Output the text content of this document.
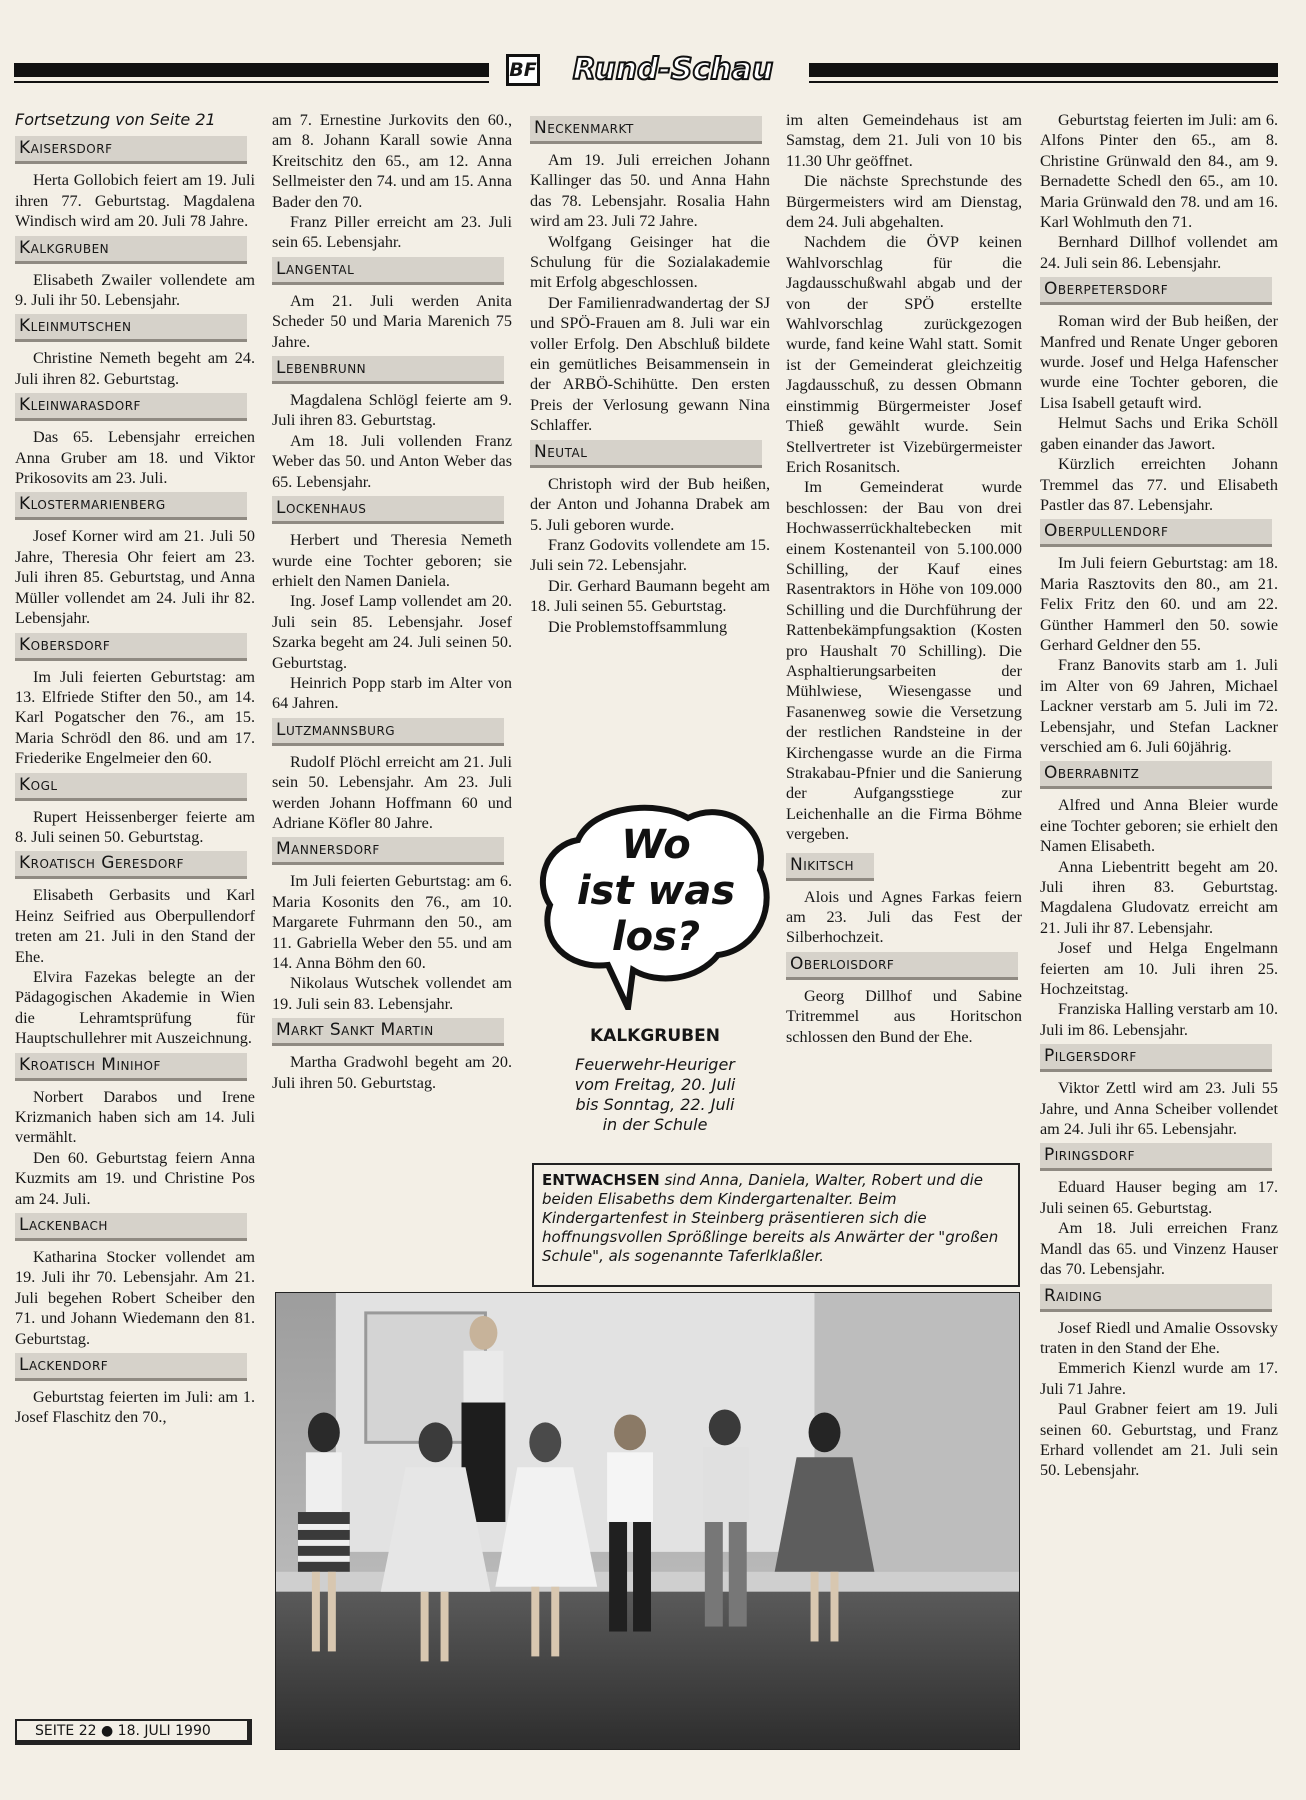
BF	Rund-Schau
Fortsetzung von Seite 21
Kaisersdorf

Herta Gollobich feiert am 19. Juli ihren 77. Geburtstag. Magdalena Windisch wird am 20. Juli 78 Jahre.

Kalkgruben

Elisabeth Zwailer vollendete am 9. Juli ihr 50. Lebensjahr.

Kleinmutschen

Christine Nemeth begeht am 24. Juli ihren 82. Geburtstag.

Kleinwarasdorf

Das 65. Lebensjahr erreichen Anna Gruber am 18. und Viktor Prikosovits am 23. Juli.

Klostermarienberg

Josef Korner wird am 21. Juli 50 Jahre, Theresia Ohr feiert am 23. Juli ihren 85. Geburtstag, und Anna Müller vollendet am 24. Juli ihr 82. Lebensjahr.

Kobersdorf

Im Juli feierten Geburtstag: am 13. Elfriede Stifter den 50., am 14. Karl Pogatscher den 76., am 15. Maria Schrödl den 86. und am 17. Friederike Engelmeier den 60.

Kogl

Rupert Heissenberger feierte am 8. Juli seinen 50. Geburtstag.

Kroatisch Geresdorf

Elisabeth Gerbasits und Karl Heinz Seifried aus Oberpullendorf treten am 21. Juli in den Stand der Ehe.

Elvira Fazekas belegte an der Pädagogischen Akademie in Wien die Lehramtsprüfung für Hauptschullehrer mit Auszeichnung.

Kroatisch Minihof

Norbert Darabos und Irene Krizmanich haben sich am 14. Juli vermählt.

Den 60. Geburtstag feiern Anna Kuzmits am 19. und Christine Pos am 24. Juli.

Lackenbach

Katharina Stocker vollendet am 19. Juli ihr 70. Lebensjahr. Am 21. Juli begehen Robert Scheiber den 71. und Johann Wiedemann den 81. Geburtstag.

Lackendorf

Geburtstag feierten im Juli: am 1. Josef Flaschitz den 70.,

am 7. Ernestine Jurkovits den 60., am 8. Johann Karall sowie Anna Kreitschitz den 65., am 12. Anna Sellmeister den 74. und am 15. Anna Bader den 70.

Franz Piller erreicht am 23. Juli sein 65. Lebensjahr.

Langental

Am 21. Juli werden Anita Scheder 50 und Maria Marenich 75 Jahre.

Lebenbrunn

Magdalena Schlögl feierte am 9. Juli ihren 83. Geburtstag.

Am 18. Juli vollenden Franz Weber das 50. und Anton Weber das 65. Lebensjahr.

Lockenhaus

Herbert und Theresia Nemeth wurde eine Tochter geboren; sie erhielt den Namen Daniela.

Ing. Josef Lamp vollendet am 20. Juli sein 85. Lebensjahr. Josef Szarka begeht am 24. Juli seinen 50. Geburtstag.

Heinrich Popp starb im Alter von 64 Jahren.

Lutzmannsburg

Rudolf Plöchl erreicht am 21. Juli sein 50. Lebensjahr. Am 23. Juli werden Johann Hoffmann 60 und Adriane Köfler 80 Jahre.

Mannersdorf

Im Juli feierten Geburtstag: am 6. Maria Kosonits den 76., am 10. Margarete Fuhrmann den 50., am 11. Gabriella Weber den 55. und am 14. Anna Böhm den 60.

Nikolaus Wutschek vollendet am 19. Juli sein 83. Lebensjahr.

Markt Sankt Martin

Martha Gradwohl begeht am 20. Juli ihren 50. Geburtstag.

Neckenmarkt

Am 19. Juli erreichen Johann Kallinger das 50. und Anna Hahn das 78. Lebensjahr. Rosalia Hahn wird am 23. Juli 72 Jahre.

Wolfgang Geisinger hat die Schulung für die Sozialakademie mit Erfolg abgeschlossen.

Der Familienradwandertag der SJ und SPÖ-Frauen am 8. Juli war ein voller Erfolg. Den Abschluß bildete ein gemütliches Beisammensein in der ARBÖ-Schihütte. Den ersten Preis der Verlosung gewann Nina Schlaffer.

Neutal

Christoph wird der Bub heißen, der Anton und Johanna Drabek am 5. Juli geboren wurde.

Franz Godovits vollendete am 15. Juli sein 72. Lebensjahr.

Dir. Gerhard Baumann begeht am 18. Juli seinen 55. Geburtstag.

Die Problemstoffsammlung

Wo
ist was
los?
KALKGRUBEN
Feuerwehr-Heuriger
vom Freitag, 20. Juli
bis Sonntag, 22. Juli
in der Schule

im alten Gemeindehaus ist am Samstag, dem 21. Juli von 10 bis 11.30 Uhr geöffnet.

Die nächste Sprechstunde des Bürgermeisters wird am Dienstag, dem 24. Juli abgehalten.

Nachdem die ÖVP keinen Wahlvorschlag für die Jagdausschußwahl abgab und der von der SPÖ erstellte Wahlvorschlag zurückgezogen wurde, fand keine Wahl statt. Somit ist der Gemeinderat gleichzeitig Jagdausschuß, zu dessen Obmann einstimmig Bürgermeister Josef Thieß gewählt wurde. Sein Stellvertreter ist Vizebürgermeister Erich Rosanitsch.

Im Gemeinderat wurde beschlossen: der Bau von drei Hochwasserrückhaltebecken mit einem Kostenanteil von 5.100.000 Schilling, der Kauf eines Rasentraktors in Höhe von 109.000 Schilling und die Durchführung der Rattenbekämpfungsaktion (Kosten pro Haushalt 70 Schilling). Die Asphaltierungsarbeiten der Mühlwiese, Wiesengasse und Fasanenweg sowie die Versetzung der restlichen Randsteine in der Kirchengasse wurde an die Firma Strakabau-Pfnier und die Sanierung der Aufgangsstiege zur Leichenhalle an die Firma Böhme vergeben.

Nikitsch

Alois und Agnes Farkas feiern am 23. Juli das Fest der Silberhochzeit.

Oberloisdorf

Georg Dillhof und Sabine Tritremmel aus Horitschon schlossen den Bund der Ehe.

Geburtstag feierten im Juli: am 6. Alfons Pinter den 65., am 8. Christine Grünwald den 84., am 9. Bernadette Schedl den 65., am 10. Maria Grünwald den 78. und am 16. Karl Wohlmuth den 71.

Bernhard Dillhof vollendet am 24. Juli sein 86. Lebensjahr.

Oberpetersdorf

Roman wird der Bub heißen, der Manfred und Renate Unger geboren wurde. Josef und Helga Hafenscher wurde eine Tochter geboren, die Lisa Isabell getauft wird.

Helmut Sachs und Erika Schöll gaben einander das Jawort.

Kürzlich erreichten Johann Tremmel das 77. und Elisabeth Pastler das 87. Lebensjahr.

Oberpullendorf

Im Juli feiern Geburtstag: am 18. Maria Rasztovits den 80., am 21. Felix Fritz den 60. und am 22. Günther Hammerl den 50. sowie Gerhard Geldner den 55.

Franz Banovits starb am 1. Juli im Alter von 69 Jahren, Michael Lackner verstarb am 5. Juli im 72. Lebensjahr, und Stefan Lackner verschied am 6. Juli 60jährig.

Oberrabnitz

Alfred und Anna Bleier wurde eine Tochter geboren; sie erhielt den Namen Elisabeth.

Anna Liebentritt begeht am 20. Juli ihren 83. Geburtstag. Magdalena Gludovatz erreicht am 21. Juli ihr 87. Lebensjahr.

Josef und Helga Engelmann feierten am 10. Juli ihren 25. Hochzeitstag.

Franziska Halling verstarb am 10. Juli im 86. Lebensjahr.

Pilgersdorf

Viktor Zettl wird am 23. Juli 55 Jahre, und Anna Scheiber vollendet am 24. Juli ihr 65. Lebensjahr.

Piringsdorf

Eduard Hauser beging am 17. Juli seinen 65. Geburtstag.

Am 18. Juli erreichen Franz Mandl das 65. und Vinzenz Hauser das 70. Lebensjahr.

Raiding

Josef Riedl und Amalie Ossovsky traten in den Stand der Ehe.

Emmerich Kienzl wurde am 17. Juli 71 Jahre.

Paul Grabner feiert am 19. Juli seinen 60. Geburtstag, und Franz Erhard vollendet am 21. Juli sein 50. Lebensjahr.

ENTWACHSEN sind Anna, Daniela, Walter, Robert und die beiden Elisabeths dem Kindergartenalter. Beim Kindergartenfest in Steinberg präsentieren sich die hoffnungsvollen Sprößlinge bereits als Anwärter der "großen Schule", als sogenannte Taferlklaßler.
SEITE 22 ● 18. JULI 1990
